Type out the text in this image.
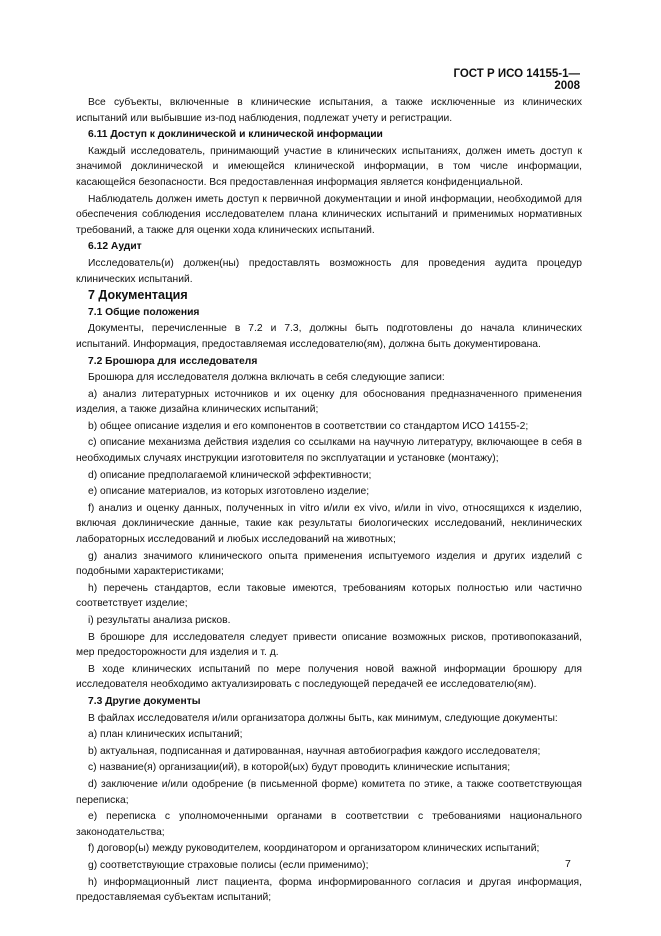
ГОСТ Р ИСО 14155-1—2008

Все субъекты, включенные в клинические испытания, а также исключенные из клинических испытаний или выбывшие из-под наблюдения, подлежат учету и регистрации.

6.11 Доступ к доклинической и клинической информации

Каждый исследователь, принимающий участие в клинических испытаниях, должен иметь доступ к значимой доклинической и имеющейся клинической информации, в том числе информации, касающейся безопасности. Вся предоставленная информация является конфиденциальной.

Наблюдатель должен иметь доступ к первичной документации и иной информации, необходимой для обеспечения соблюдения исследователем плана клинических испытаний и применимых нормативных требований, а также для оценки хода клинических испытаний.

6.12 Аудит

Исследователь(и) должен(ны) предоставлять возможность для проведения аудита процедур клинических испытаний.

7 Документация

7.1 Общие положения

Документы, перечисленные в 7.2 и 7.3, должны быть подготовлены до начала клинических испытаний. Информация, предоставляемая исследователю(ям), должна быть документирована.

7.2 Брошюра для исследователя

Брошюра для исследователя должна включать в себя следующие записи:

a) анализ литературных источников и их оценку для обоснования предназначенного применения изделия, а также дизайна клинических испытаний;

b) общее описание изделия и его компонентов в соответствии со стандартом ИСО 14155-2;

c) описание механизма действия изделия со ссылками на научную литературу, включающее в себя в необходимых случаях инструкции изготовителя по эксплуатации и установке (монтажу);

d) описание предполагаемой клинической эффективности;

e) описание материалов, из которых изготовлено изделие;

f) анализ и оценку данных, полученных in vitro и/или ex vivo, и/или in vivo, относящихся к изделию, включая доклинические данные, такие как результаты биологических исследований, неклинических лабораторных исследований и любых исследований на животных;

g) анализ значимого клинического опыта применения испытуемого изделия и других изделий с подобными характеристиками;

h) перечень стандартов, если таковые имеются, требованиям которых полностью или частично соответствует изделие;

i) результаты анализа рисков.

В брошюре для исследователя следует привести описание возможных рисков, противопоказаний, мер предосторожности для изделия и т. д.

В ходе клинических испытаний по мере получения новой важной информации брошюру для исследователя необходимо актуализировать с последующей передачей ее исследователю(ям).

7.3 Другие документы

В файлах исследователя и/или организатора должны быть, как минимум, следующие документы:

a) план клинических испытаний;

b) актуальная, подписанная и датированная, научная автобиография каждого исследователя;

c) название(я) организации(ий), в которой(ых) будут проводить клинические испытания;

d) заключение и/или одобрение (в письменной форме) комитета по этике, а также соответствующая переписка;

e) переписка с уполномоченными органами в соответствии с требованиями национального законодательства;

f) договор(ы) между руководителем, координатором и организатором клинических испытаний;

g) соответствующие страховые полисы (если применимо);

h) информационный лист пациента, форма информированного согласия и другая информация, предоставляемая субъектам испытаний;

7
